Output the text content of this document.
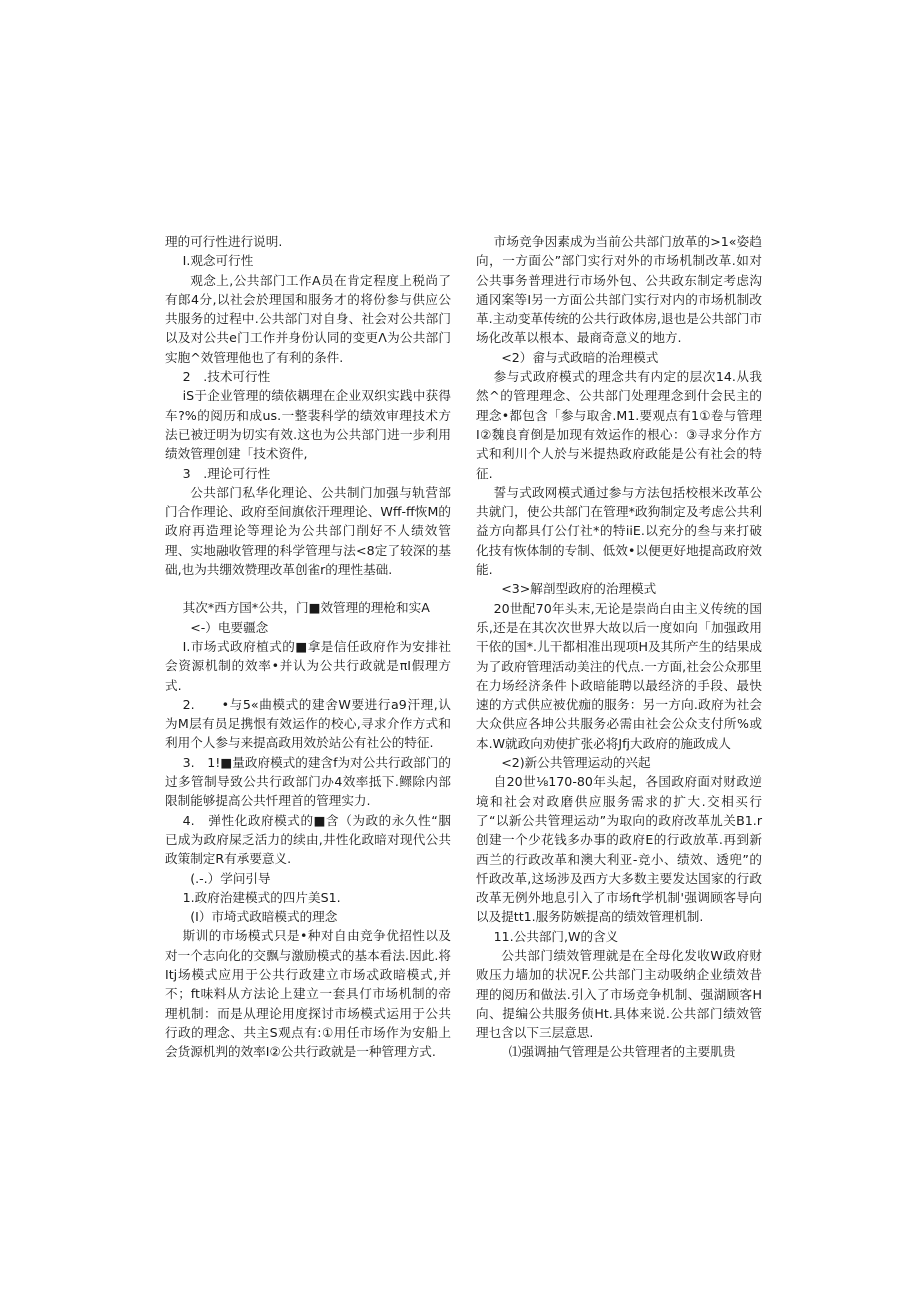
理的可行性进行说明.

I.观念可行性

观念上,公共部门工作A员在肯定程度上税尚了有郎4分,以社会於理国和服务才的将份参与供应公共服务的过程中.公共部门对自身、社会对公共部门以及对公共e门工作并身份认同的变更Λ为公共部门实胞^效管理他也了有利的条件.

2　.技术可行性

iS于企业管理的绩依耦理在企业双织实践中获得车?%的阅历和成us.一整裴科学的绩效审理技术方法已被迂明为切实有效.这也为公共部门进一步利用绩效管理创建「技术资件,

3　.理论可行性

公共部门私华化理论、公共制门加强与轨营部门合作理论、政府至间旗依汗理理论、Wff-ff恢M的政府再造理论等理论为公共部门削好不人绩效管理、实地融收管理的科学管理与法<8定了较深的基础,也为共绷效赞理改革创雀r的理性基础.

其次*西方国*公共，门■效管理的理枪和实A

<-）电要疆念

I.市场式政府植式的■拿是信任政府作为安排社会资源机制的效率•并认为公共行政就是πI假理方式.

2.　　•与5«曲模式的建舍W要进行a9汗理,认为M层有员足携恨有效运作的校心,寻求介作方式和利用个人参与来提高政用效於站公有社公的特征.

3.　1!■量政府模式的建含f为对公共行政部门的过多管制导致公共行政部门办4效率抵下.鳏除内部限制能够提高公共忏理首的管理实力.

4.　弹性化政府模式的■含（为政的永久性“胭已成为政府屎乏活力的续由,井性化政暗对现代公共政策制定R有承要意义.

(.-.）学问引导

1.政府治建模式的四片美S1.

(I）市埼式政暗模式的理念

斯训的市场模式只是•种对自由竞争优招性以及对一个志向化的交飘与激励模式的基本看法.因此.将Itj场模式应用于公共行政建立市场忒政暗模式,并不；ft味料从方法论上建立一套具仃市场机制的帝理机制：而是从理论用度探讨市场模式运用于公共行政的理念、共主S观点有:①用任市场作为安船上会货源机判的效率I②公共行政就是一种管理方式.

市场竞争因素成为当前公共部门放革的>1«姿趋向，一方面公”部门实行对外的市场机制改革.如对公共事务普理进行市场外包、公共政东制定考虑沟通冈案等I另一方面公共部门实行对内的市场机制改革.主动变革传统的公共行政体房,退也是公共部门市场化改革以根本、最商奇意义的地方.

<2）畲与式政暗的治理模式

参与式政府模式的理念共有内定的层次14.从我然^的管理理念、公共部门处理理念到什会民主的理念•都包含「参与取舍.M1.要观点有1①卷与管理I②魏良育倒是加现有效运作的根心：③寻求分作方式和利川个人於与米提热政府政能是公有社会的特征.

誓与式政网模式通过参与方法包括校根米改革公共就门，使公共部门在管理*政狗制定及考虑公共利益方向都具仃公仃社*的特iiE.以充分的叁与来打破化技有恢体制的专制、低效•以便更好地提高政府效能.

<3>解剖型政府的治理模式

20世配70年头末,无论是崇尚白由主义传统的国乐,还是在其次次世界大故以后一度如向「加强政用干依的国*.儿干都相准出现项H及其所产生的结果成为了政府管理活动美注的代点.一方面,社会公众那里在力场经济条件卜政暗能聘以最经济的手段、最快速的方式供应被优痂的服务：另一方向.政府为社会大众供应各坤公共服务必需由社会公众支付所%或本.W就政向劝使扩张必将Jfj大政府的施政成人

<2)新公共管理运动的兴起

自20世⅛170-80年头起，各国政府面对财政逆境和社会对政磨供应服务需求的扩大.交相买行了“以新公共管理运动”为取向的政府改革劜关B1.r创建一个少花钱多办事的政府E的行政放革.再到新西兰的行政改革和澳大利亚-竞小、绩效、透兜”的忏政改革,这场涉及西方大多数主要发达国家的行政改革无例外地息引入了市场ft学机制'强调顾客导向以及提tt1.服务防嫉提高的绩效管理机制.

11.公共部门,W的含义

公共部门绩效管理就是在全母化发收W政府财败压力墙加的状况F.公共部门主动吸纳企业绩效昔理的阅历和做法.引入了市场竞争机制、强湖顾客H向、提编公共服务侦Ht.具体来说.公共部门绩效管理乜含以下三层意思.

⑴强调抽气管理是公共管理者的主要肌贵
